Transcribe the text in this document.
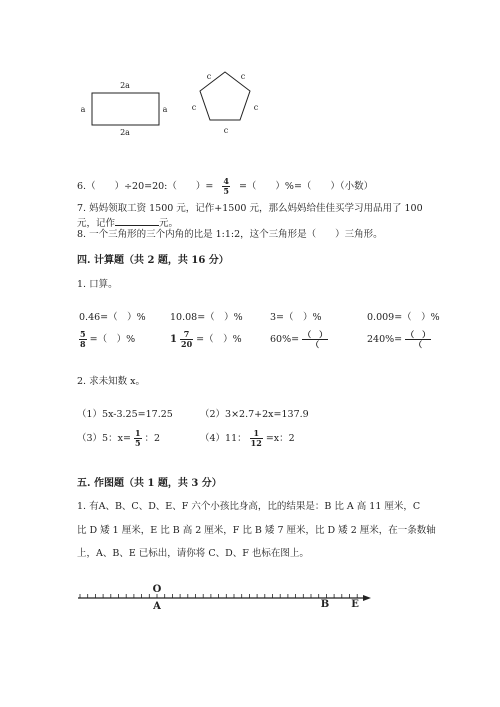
2a
2a
a	a
c	c
c
c
c
O
A	B E
6.（　　）÷20=20:（　　）= $\frac{4}{5}$ =（　　）%=（　　）（小数）
7. 妈妈领取工资 1500 元，记作+1500 元，那么妈妈给佳佳买学习用品用了 100
元，记作	元。
8. 一个三角形的三个内角的比是 1:1:2，这个三角形是（　　）三角形。
四. 计算题（共 2 题，共 16 分）
1. 口算。
0.46=（　）%	10.08=（　）%	3=（　）%	0.009=（　）%
$\frac{5}{8}$ =（　）%	$1 \frac{7}{20}$ =（　）%	$60\%= \frac{( )}{(}$	$240\%= \frac{( )}{(}$
2. 求未知数 x。
（1）5x-3.25=17.25	（2）3×2.7+2x=137.9
（3）5：$x= \frac{1}{5}$ ：2	（4）11： $\frac{1}{12} =x$：2
五. 作图题（共 1 题，共 3 分）
1. 有A、B、C、D、E、F 六个小孩比身高，比的结果是：B 比 A 高 11 厘米，C
比 D 矮 1 厘米，E 比 B 高 2 厘米，F 比 B 矮 7 厘米，比 D 矮 2 厘米，在一条数轴
上，A、B、E 已标出，请你将 C、D、F 也标在图上。
